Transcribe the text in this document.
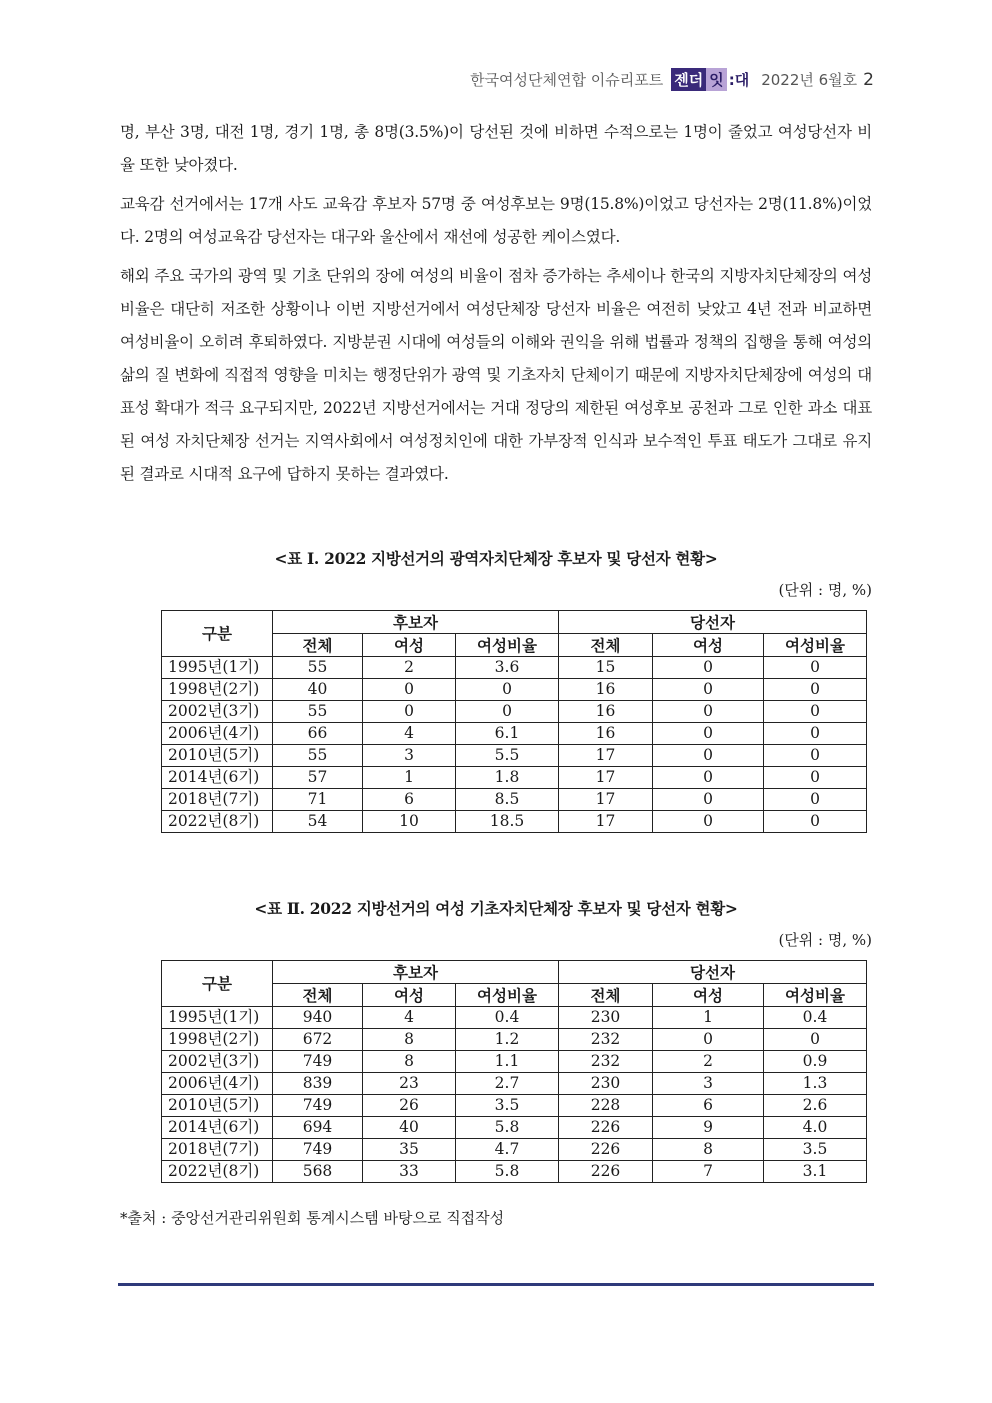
한국여성단체연합 이슈리포트 젠더 잇 :대 2022년 6월호 2

명, 부산 3명, 대전 1명, 경기 1명, 총 8명(3.5%)이 당선된 것에 비하면 수적으로는 1명이 줄었고 여성당선자 비율 또한 낮아졌다.

교육감 선거에서는 17개 사도 교육감 후보자 57명 중 여성후보는 9명(15.8%)이었고 당선자는 2명(11.8%)이었다. 2명의 여성교육감 당선자는 대구와 울산에서 재선에 성공한 케이스였다.

해외 주요 국가의 광역 및 기초 단위의 장에 여성의 비율이 점차 증가하는 추세이나 한국의 지방자치단체장의 여성비율은 대단히 저조한 상황이나 이번 지방선거에서 여성단체장 당선자 비율은 여전히 낮았고 4년 전과 비교하면 여성비율이 오히려 후퇴하였다. 지방분권 시대에 여성들의 이해와 권익을 위해 법률과 정책의 집행을 통해 여성의 삶의 질 변화에 직접적 영향을 미치는 행정단위가 광역 및 기초자치 단체이기 때문에 지방자치단체장에 여성의 대표성 확대가 적극 요구되지만, 2022년 지방선거에서는 거대 정당의 제한된 여성후보 공천과 그로 인한 과소 대표된 여성 자치단체장 선거는 지역사회에서 여성정치인에 대한 가부장적 인식과 보수적인 투표 태도가 그대로 유지된 결과로 시대적 요구에 답하지 못하는 결과였다.

<표 Ⅰ. 2022 지방선거의 광역자치단체장 후보자 및 당선자 현황>
(단위 : 명, %)
구분	후보자			당선자		
	전체	여성	여성비율	전체	여성	여성비율
1995년(1기)	55	2	3.6	15	0	0
1998년(2기)	40	0	0	16	0	0
2002년(3기)	55	0	0	16	0	0
2006년(4기)	66	4	6.1	16	0	0
2010년(5기)	55	3	5.5	17	0	0
2014년(6기)	57	1	1.8	17	0	0
2018년(7기)	71	6	8.5	17	0	0
2022년(8기)	54	10	18.5	17	0	0
<표 Ⅱ. 2022 지방선거의 여성 기초자치단체장 후보자 및 당선자 현황>
(단위 : 명, %)
구분	후보자			당선자		
	전체	여성	여성비율	전체	여성	여성비율
1995년(1기)	940	4	0.4	230	1	0.4
1998년(2기)	672	8	1.2	232	0	0
2002년(3기)	749	8	1.1	232	2	0.9
2006년(4기)	839	23	2.7	230	3	1.3
2010년(5기)	749	26	3.5	228	6	2.6
2014년(6기)	694	40	5.8	226	9	4.0
2018년(7기)	749	35	4.7	226	8	3.5
2022년(8기)	568	33	5.8	226	7	3.1
*출처 : 중앙선거관리위원회 통계시스템 바탕으로 직접작성
